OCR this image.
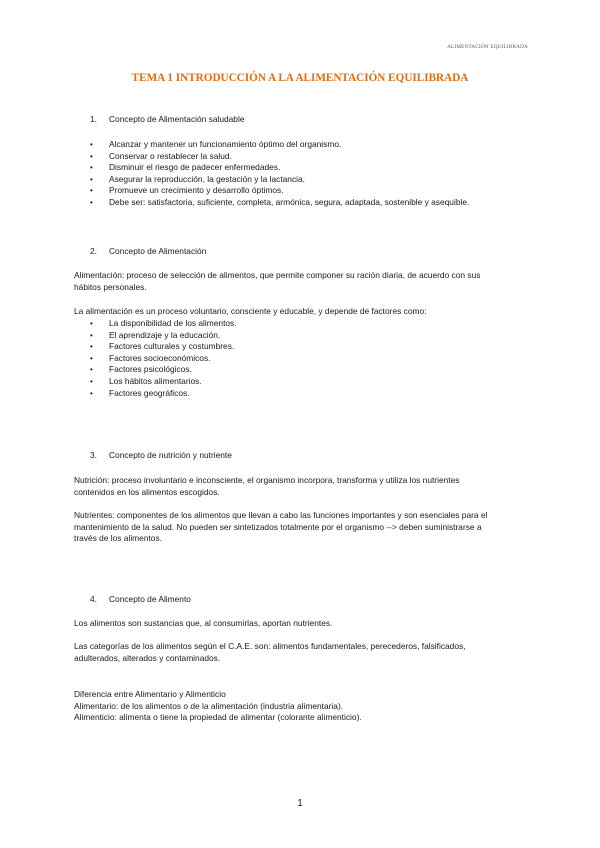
ALIMENTACIÓN EQUILIBRADA
TEMA 1 INTRODUCCIÓN A LA ALIMENTACIÓN EQUILIBRADA
1. Concepto de Alimentación saludable
• Alcanzar y mantener un funcionamiento óptimo del organismo.
• Conservar o restablecer la salud.
• Disminuir el riesgo de padecer enfermedades.
• Asegurar la reproducción, la gestación y la lactancia.
• Promueve un crecimiento y desarrollo óptimos.
• Debe ser: satisfactoria, suficiente, completa, armónica, segura, adaptada, sostenible y asequible.
2. Concepto de Alimentación

Alimentación: proceso de selección de alimentos, que permite componer su ración diaria, de acuerdo con sus

hábitos personales.

La alimentación es un proceso voluntario, consciente y educable, y depende de factores como:

• La disponibilidad de los alimentos.
• El aprendizaje y la educación.
• Factores culturales y costumbres.
• Factores socioeconómicos.
• Factores psicológicos.
• Los hábitos alimentarios.
• Factores geográficos.
3. Concepto de nutrición y nutriente

Nutrición: proceso involuntario e inconsciente, el organismo incorpora, transforma y utiliza los nutrientes

contenidos en los alimentos escogidos.

Nutrientes: componentes de los alimentos que llevan a cabo las funciones importantes y son esenciales para el

mantenimiento de la salud. No pueden ser sintetizados totalmente por el organismo --> deben suministrarse a

través de los alimentos.

4. Concepto de Alimento

Los alimentos son sustancias que, al consumirlas, aportan nutrientes.

Las categorías de los alimentos según el C.A.E. son: alimentos fundamentales, perecederos, falsificados,

adulterados, alterados y contaminados.

Diferencia entre Alimentario y Alimenticio

Alimentario: de los alimentos o de la alimentación (industria alimentaria).

Alimenticio: alimenta o tiene la propiedad de alimentar (colorante alimenticio).

1
